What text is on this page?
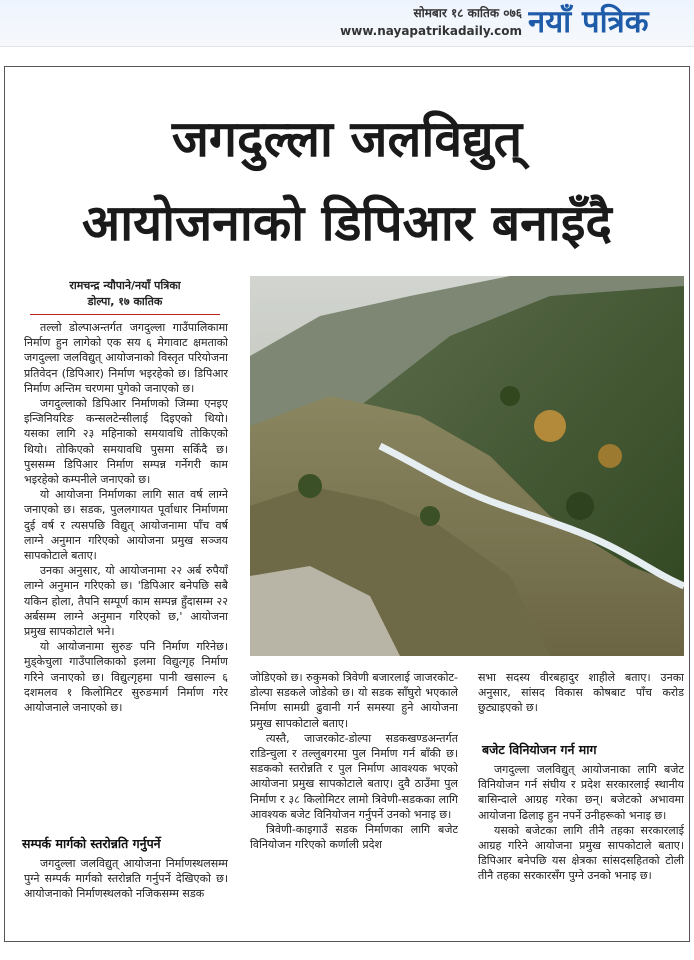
सोमबार १८ कातिक ०७६
www.nayapatrikadaily.com नयाँ पत्रिक
जगदुल्ला जलविद्युत्
आयोजनाको डिपिआर बनाइँदै
रामचन्द्र न्यौपाने/नयाँ पत्रिका
डोल्पा, १७ कातिक

तल्लो डोल्पाअन्तर्गत जगदुल्ला गाउँपालिकामा निर्माण हुन लागेको एक सय ६ मेगावाट क्षमताको जगदुल्ला जलविद्युत् आयोजनाको विस्तृत परियोजना प्रतिवेदन (डिपिआर) निर्माण भइरहेको छ। डिपिआर निर्माण अन्तिम चरणमा पुगेको जनाएको छ।

जगदुल्लाको डिपिआर निर्माणको जिम्मा एनइए इन्जिनियरिङ कन्सलटेन्सीलाई दिइएको थियो। यसका लागि २३ महिनाको समयावधि तोकिएको थियो। तोकिएको समयावधि पुसमा सकिँदै छ। पुससम्म डिपिआर निर्माण सम्पन्न गर्नेगरी काम भइरहेको कम्पनीले जनाएको छ।

यो आयोजना निर्माणका लागि सात वर्ष लाग्ने जनाएको छ। सडक, पुललगायत पूर्वाधार निर्माणमा दुई वर्ष र त्यसपछि विद्युत् आयोजनामा पाँच वर्ष लाग्ने अनुमान गरिएको आयोजना प्रमुख सञ्जय सापकोटाले बताए।

उनका अनुसार, यो आयोजनामा २२ अर्ब रुपैयाँ लाग्ने अनुमान गरिएको छ। 'डिपिआर बनेपछि सबै यकिन होला, तैपनि सम्पूर्ण काम सम्पन्न हुँदासम्म २२ अर्बसम्म लाग्ने अनुमान गरिएको छ,' आयोजना प्रमुख सापकोटाले भने।

यो आयोजनामा सुरुङ पनि निर्माण गरिनेछ। मुड्केचुला गाउँपालिकाको इलमा विद्युत्गृह निर्माण गरिने जनाएको छ। विद्युत्गृहमा पानी खसाल्न ६ दशमलव १ किलोमिटर सुरुङमार्ग निर्माण गरेर आयोजनाले जनाएको छ।

सम्पर्क मार्गको स्तरोन्नति गर्नुपर्ने

जगदुल्ला जलविद्युत् आयोजना निर्माणस्थलसम्म पुग्ने सम्पर्क मार्गको स्तरोन्नति गर्नुपर्ने देखिएको छ। आयोजनाको निर्माणस्थलको नजिकसम्म सडक

जोडिएको छ। रुकुमको त्रिवेणी बजारलाई जाजरकोट-डोल्पा सडकले जोडेको छ। यो सडक साँघुरो भएकाले निर्माण सामग्री ढुवानी गर्न समस्या हुने आयोजना प्रमुख सापकोटाले बताए।

त्यस्तै, जाजरकोट-डोल्पा सडकखण्डअन्तर्गत राडिन्चुला र तल्लुबगरमा पुल निर्माण गर्न बाँकी छ। सडकको स्तरोन्नति र पुल निर्माण आवश्यक भएको आयोजना प्रमुख सापकोटाले बताए। दुवै ठाउँमा पुल निर्माण र ३८ किलोमिटर लामो त्रिवेणी-सडकका लागि आवश्यक बजेट विनियोजन गर्नुपर्ने उनको भनाइ छ।

त्रिवेणी-काइगाउँ सडक निर्माणका लागि बजेट विनियोजन गरिएको कर्णाली प्रदेश

सभा सदस्य वीरबहादुर शाहीले बताए। उनका अनुसार, सांसद विकास कोषबाट पाँच करोड छुट्याइएको छ।

बजेट विनियोजन गर्न माग

जगदुल्ला जलविद्युत् आयोजनाका लागि बजेट विनियोजन गर्न संघीय र प्रदेश सरकारलाई स्थानीय बासिन्दाले आग्रह गरेका छन्। बजेटको अभावमा आयोजना ढिलाइ हुन नपर्ने उनीहरूको भनाइ छ।

यसको बजेटका लागि तीनै तहका सरकारलाई आग्रह गरिने आयोजना प्रमुख सापकोटाले बताए। डिपिआर बनेपछि यस क्षेत्रका सांसदसहितको टोली तीनै तहका सरकारसँग पुग्ने उनको भनाइ छ।
